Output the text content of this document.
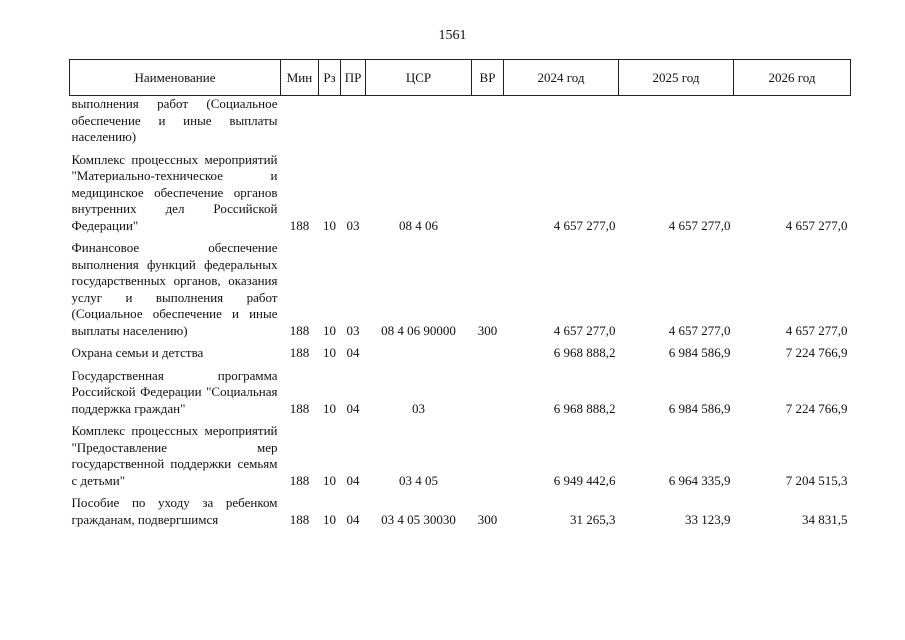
1561
Наименование	Мин	Рз	ПР	ЦСР	ВР	2024 год	2025 год	2026 год
выполнения работ (Социальное обеспечение и иные выплаты населению)								
Комплекс процессных мероприятий "Материально-техническое и медицинское обеспечение органов внутренних дел Российской Федерации"	188	10	03	08 4 06		4 657 277,0	4 657 277,0	4 657 277,0
Финансовое обеспечение выполнения функций федеральных государственных органов, оказания услуг и выполнения работ (Социальное обеспечение и иные выплаты населению)	188	10	03	08 4 06 90000	300	4 657 277,0	4 657 277,0	4 657 277,0
Охрана семьи и детства	188	10	04			6 968 888,2	6 984 586,9	7 224 766,9
Государственная программа Российской Федерации "Социальная поддержка граждан"	188	10	04	03		6 968 888,2	6 984 586,9	7 224 766,9
Комплекс процессных мероприятий "Предоставление мер государственной поддержки семьям с детьми"	188	10	04	03 4 05		6 949 442,6	6 964 335,9	7 204 515,3
Пособие по уходу за ребенком гражданам, подвергшимся	188	10	04	03 4 05 30030	300	31 265,3	33 123,9	34 831,5
